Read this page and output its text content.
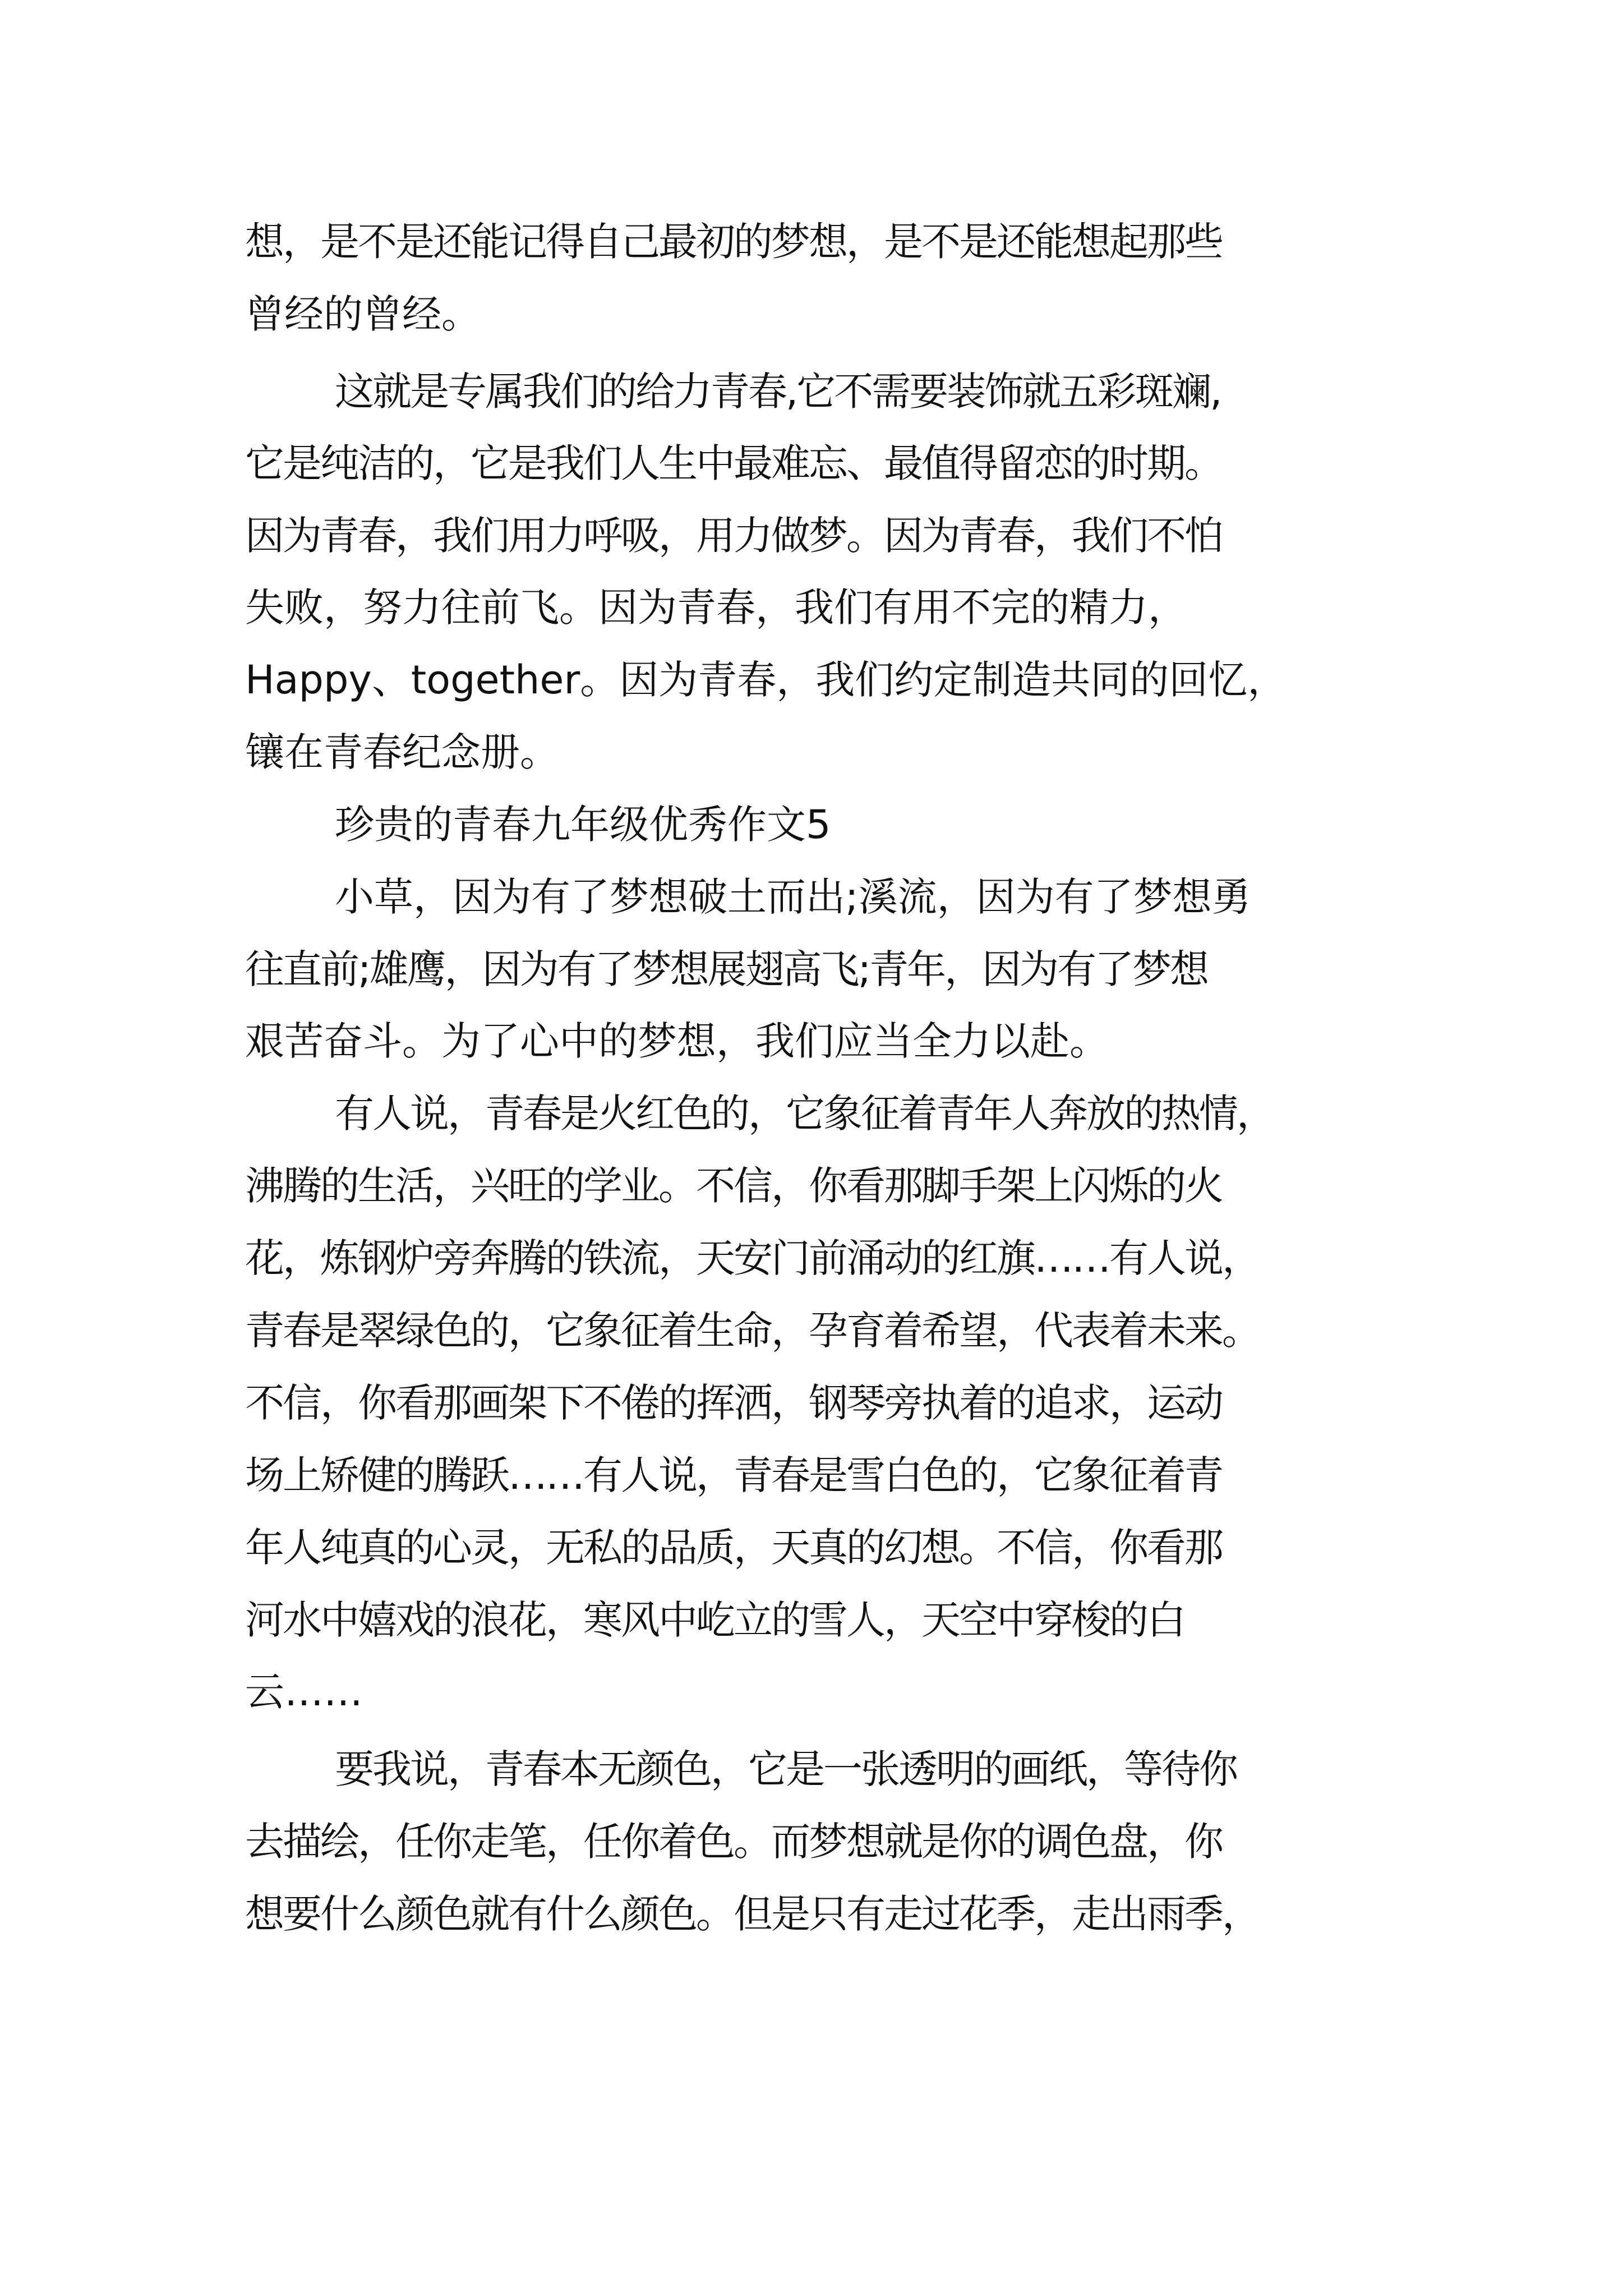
想，是不是还能记得自己最初的梦想，是不是还能想起那些
曾经的曾经。
这就是专属我们的给力青春,它不需要装饰就五彩斑斓,
它是纯洁的，它是我们人生中最难忘、最值得留恋的时期。
因为青春，我们用力呼吸，用力做梦。因为青春，我们不怕
失败，努力往前飞。因为青春，我们有用不完的精力，
Happy、together。因为青春，我们约定制造共同的回忆，
镶在青春纪念册。
珍贵的青春九年级优秀作文5
小草，因为有了梦想破土而出;溪流，因为有了梦想勇
往直前;雄鹰，因为有了梦想展翅高飞;青年，因为有了梦想
艰苦奋斗。为了心中的梦想，我们应当全力以赴。
有人说，青春是火红色的，它象征着青年人奔放的热情，
沸腾的生活，兴旺的学业。不信，你看那脚手架上闪烁的火
花，炼钢炉旁奔腾的铁流，天安门前涌动的红旗……有人说，
青春是翠绿色的，它象征着生命，孕育着希望，代表着未来。
不信，你看那画架下不倦的挥洒，钢琴旁执着的追求，运动
场上矫健的腾跃……有人说，青春是雪白色的，它象征着青
年人纯真的心灵，无私的品质，天真的幻想。不信，你看那
河水中嬉戏的浪花，寒风中屹立的雪人，天空中穿梭的白
云……
要我说，青春本无颜色，它是一张透明的画纸，等待你
去描绘，任你走笔，任你着色。而梦想就是你的调色盘，你
想要什么颜色就有什么颜色。但是只有走过花季，走出雨季，
